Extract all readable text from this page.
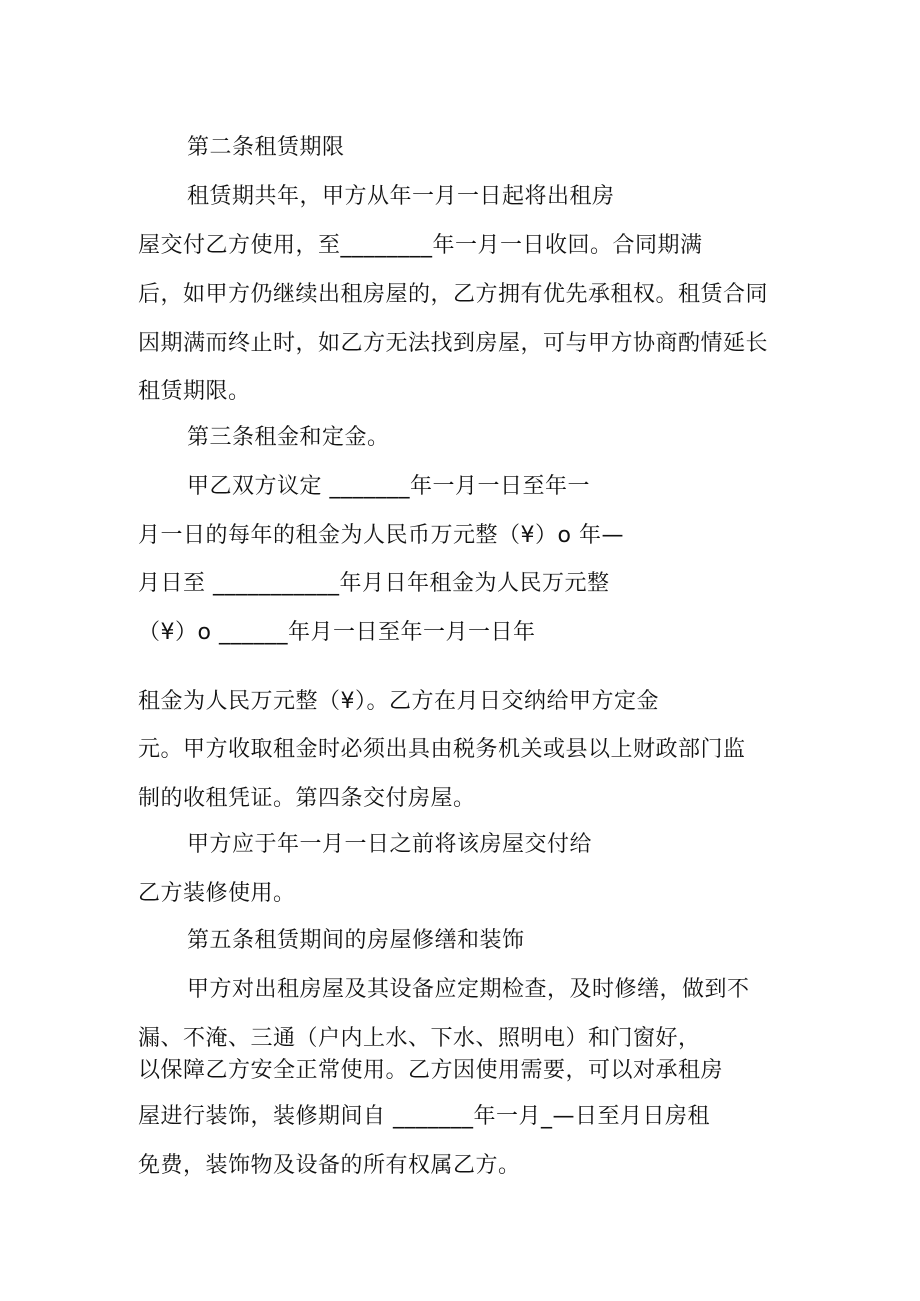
第二条租赁期限
租赁期共年，甲方从年一月一日起将出租房
屋交付乙方使用，至________年一月一日收回。合同期满
后，如甲方仍继续出租房屋的，乙方拥有优先承租权。租赁合同
因期满而终止时，如乙方无法找到房屋，可与甲方协商酌情延长
租赁期限。
第三条租金和定金。
甲乙双方议定 _______年一月一日至年一
月一日的每年的租金为人民币万元整（¥）o 年—
月日至 ___________年月日年租金为人民万元整
（¥）o ______年月一日至年一月一日年
租金为人民万元整（¥）。乙方在月日交纳给甲方定金
元。甲方收取租金时必须出具由税务机关或县以上财政部门监
制的收租凭证。第四条交付房屋。
甲方应于年一月一日之前将该房屋交付给
乙方装修使用。
第五条租赁期间的房屋修缮和装饰
甲方对出租房屋及其设备应定期检查，及时修缮，做到不
漏、不淹、三通（户内上水、下水、照明电）和门窗好，
以保障乙方安全正常使用。乙方因使用需要，可以对承租房
屋进行装饰，装修期间自 _______年一月_—日至月日房租
免费，装饰物及设备的所有权属乙方。
